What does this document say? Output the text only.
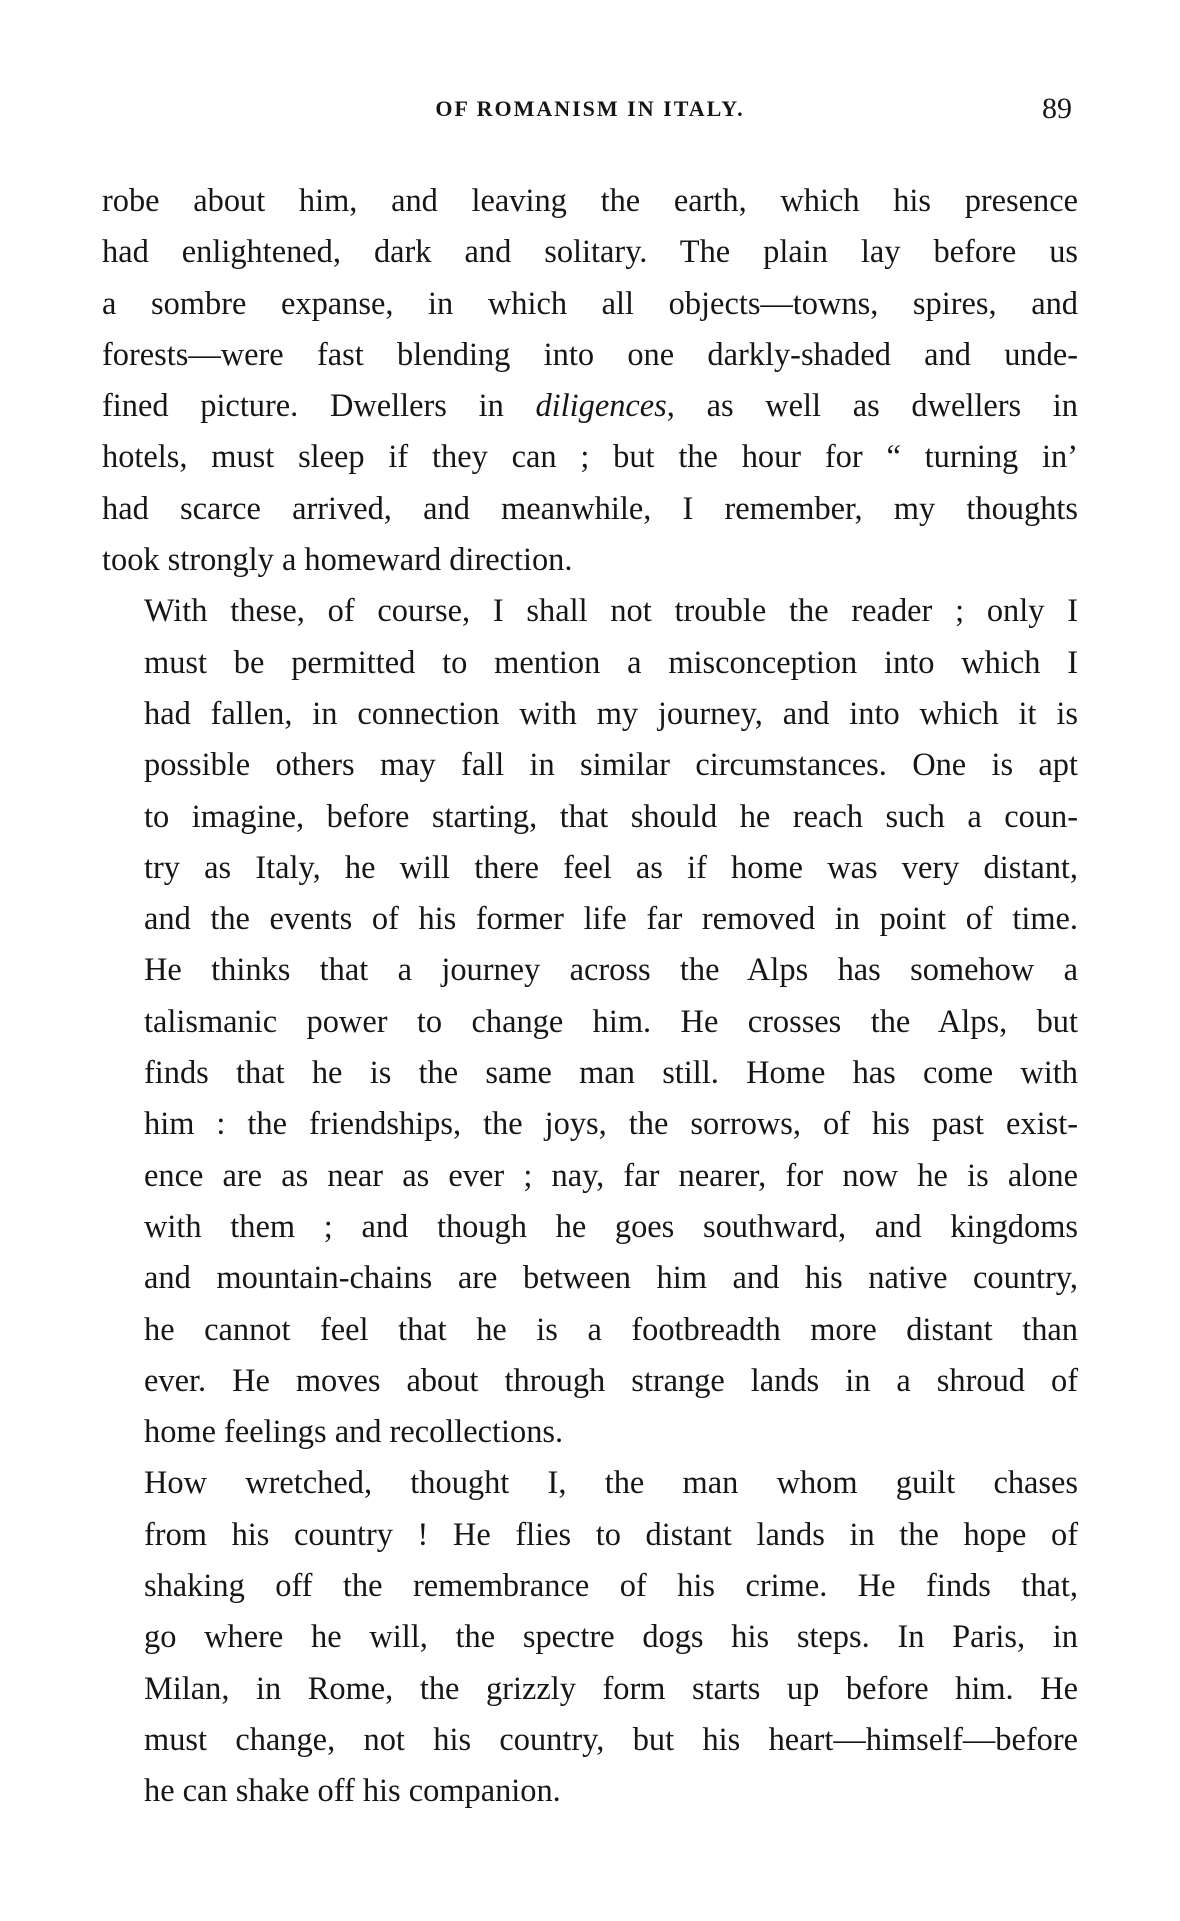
OF ROMANISM IN ITALY.	89

robe about him, and leaving the earth, which his presence
had enlightened, dark and solitary. The plain lay before us
a sombre expanse, in which all objects—towns, spires, and
forests—were fast blending into one darkly-shaded and unde-
fined picture. Dwellers in diligences, as well as dwellers in
hotels, must sleep if they can ; but the hour for “ turning in’
had scarce arrived, and meanwhile, I remember, my thoughts
took strongly a homeward direction.

With these, of course, I shall not trouble the reader ; only I
must be permitted to mention a misconception into which I
had fallen, in connection with my journey, and into which it is
possible others may fall in similar circumstances. One is apt
to imagine, before starting, that should he reach such a coun-
try as Italy, he will there feel as if home was very distant,
and the events of his former life far removed in point of time.
He thinks that a journey across the Alps has somehow a
talismanic power to change him. He crosses the Alps, but
finds that he is the same man still. Home has come with
him : the friendships, the joys, the sorrows, of his past exist-
ence are as near as ever ; nay, far nearer, for now he is alone
with them ; and though he goes southward, and kingdoms
and mountain-chains are between him and his native country,
he cannot feel that he is a footbreadth more distant than
ever. He moves about through strange lands in a shroud of
home feelings and recollections.

How wretched, thought I, the man whom guilt chases
from his country ! He flies to distant lands in the hope of
shaking off the remembrance of his crime. He finds that,
go where he will, the spectre dogs his steps. In Paris, in
Milan, in Rome, the grizzly form starts up before him. He
must change, not his country, but his heart—himself—before
he can shake off his companion.
